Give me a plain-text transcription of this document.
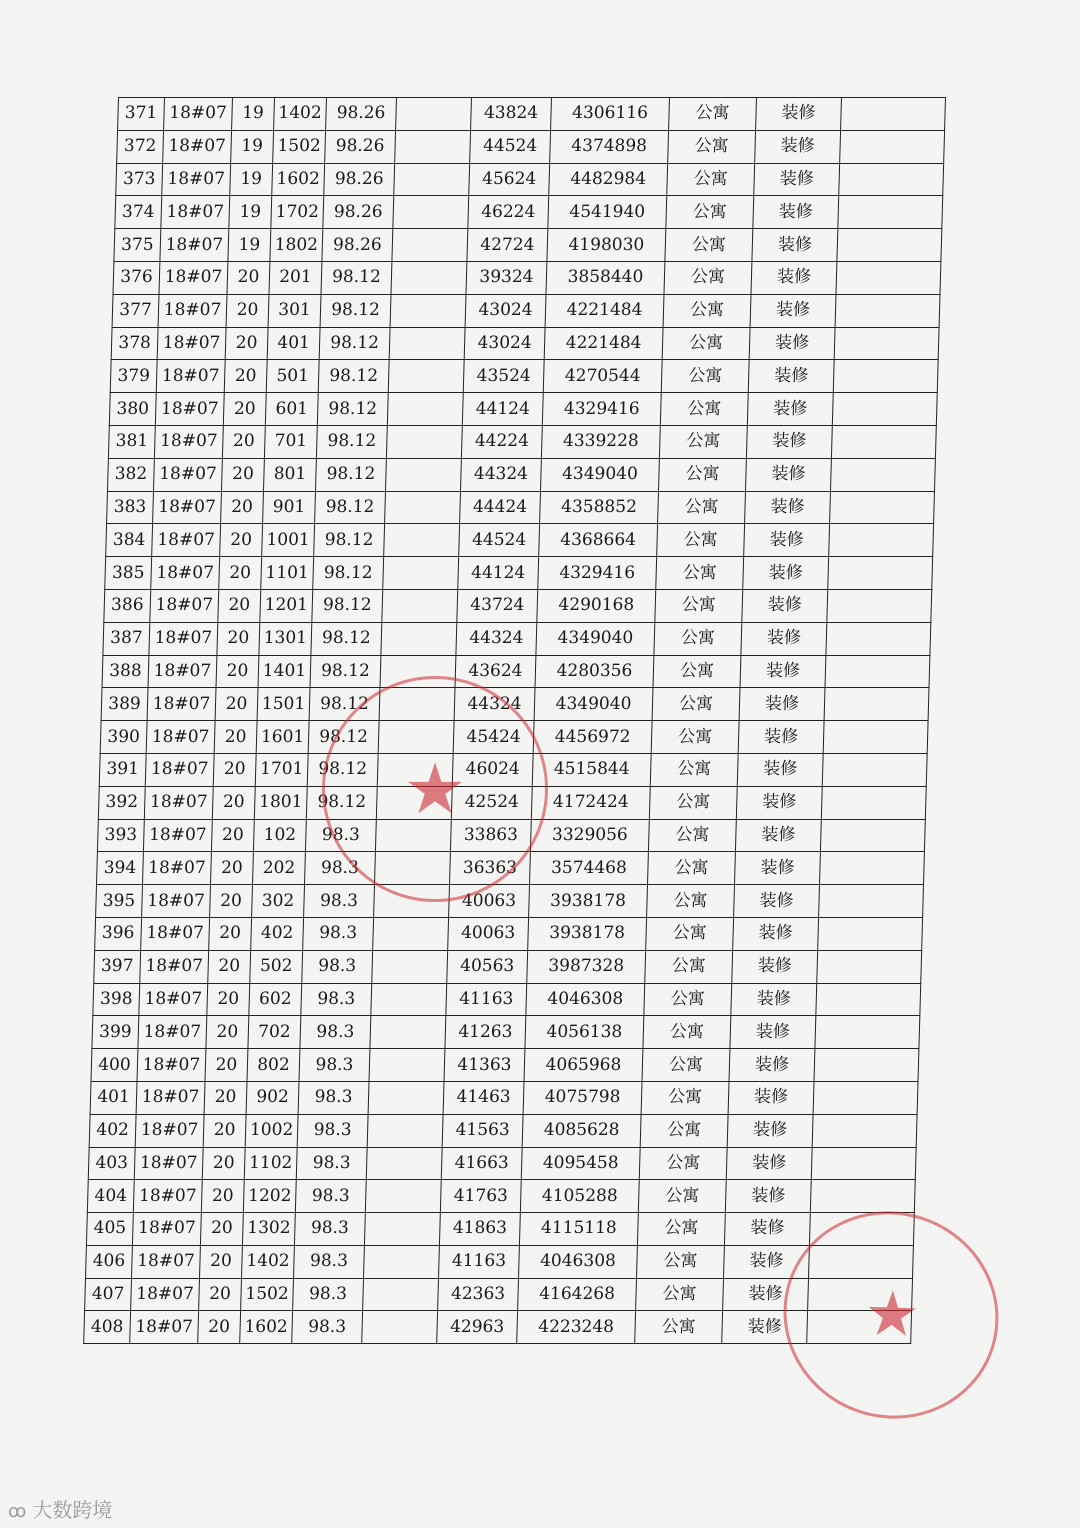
371	18#07	19	1402	98.26		43824	4306116	公寓	装修	
372	18#07	19	1502	98.26		44524	4374898	公寓	装修	
373	18#07	19	1602	98.26		45624	4482984	公寓	装修	
374	18#07	19	1702	98.26		46224	4541940	公寓	装修	
375	18#07	19	1802	98.26		42724	4198030	公寓	装修	
376	18#07	20	201	98.12		39324	3858440	公寓	装修	
377	18#07	20	301	98.12		43024	4221484	公寓	装修	
378	18#07	20	401	98.12		43024	4221484	公寓	装修	
379	18#07	20	501	98.12		43524	4270544	公寓	装修	
380	18#07	20	601	98.12		44124	4329416	公寓	装修	
381	18#07	20	701	98.12		44224	4339228	公寓	装修	
382	18#07	20	801	98.12		44324	4349040	公寓	装修	
383	18#07	20	901	98.12		44424	4358852	公寓	装修	
384	18#07	20	1001	98.12		44524	4368664	公寓	装修	
385	18#07	20	1101	98.12		44124	4329416	公寓	装修	
386	18#07	20	1201	98.12		43724	4290168	公寓	装修	
387	18#07	20	1301	98.12		44324	4349040	公寓	装修	
388	18#07	20	1401	98.12		43624	4280356	公寓	装修	
389	18#07	20	1501	98.12		44324	4349040	公寓	装修	
390	18#07	20	1601	98.12		45424	4456972	公寓	装修	
391	18#07	20	1701	98.12		46024	4515844	公寓	装修	
392	18#07	20	1801	98.12		42524	4172424	公寓	装修	
393	18#07	20	102	98.3		33863	3329056	公寓	装修	
394	18#07	20	202	98.3		36363	3574468	公寓	装修	
395	18#07	20	302	98.3		40063	3938178	公寓	装修	
396	18#07	20	402	98.3		40063	3938178	公寓	装修	
397	18#07	20	502	98.3		40563	3987328	公寓	装修	
398	18#07	20	602	98.3		41163	4046308	公寓	装修	
399	18#07	20	702	98.3		41263	4056138	公寓	装修	
400	18#07	20	802	98.3		41363	4065968	公寓	装修	
401	18#07	20	902	98.3		41463	4075798	公寓	装修	
402	18#07	20	1002	98.3		41563	4085628	公寓	装修	
403	18#07	20	1102	98.3		41663	4095458	公寓	装修	
404	18#07	20	1202	98.3		41763	4105288	公寓	装修	
405	18#07	20	1302	98.3		41863	4115118	公寓	装修	
406	18#07	20	1402	98.3		41163	4046308	公寓	装修	
407	18#07	20	1502	98.3		42363	4164268	公寓	装修	
408	18#07	20	1602	98.3		42963	4223248	公寓	装修	
★
★
ꝏ 大数跨境
